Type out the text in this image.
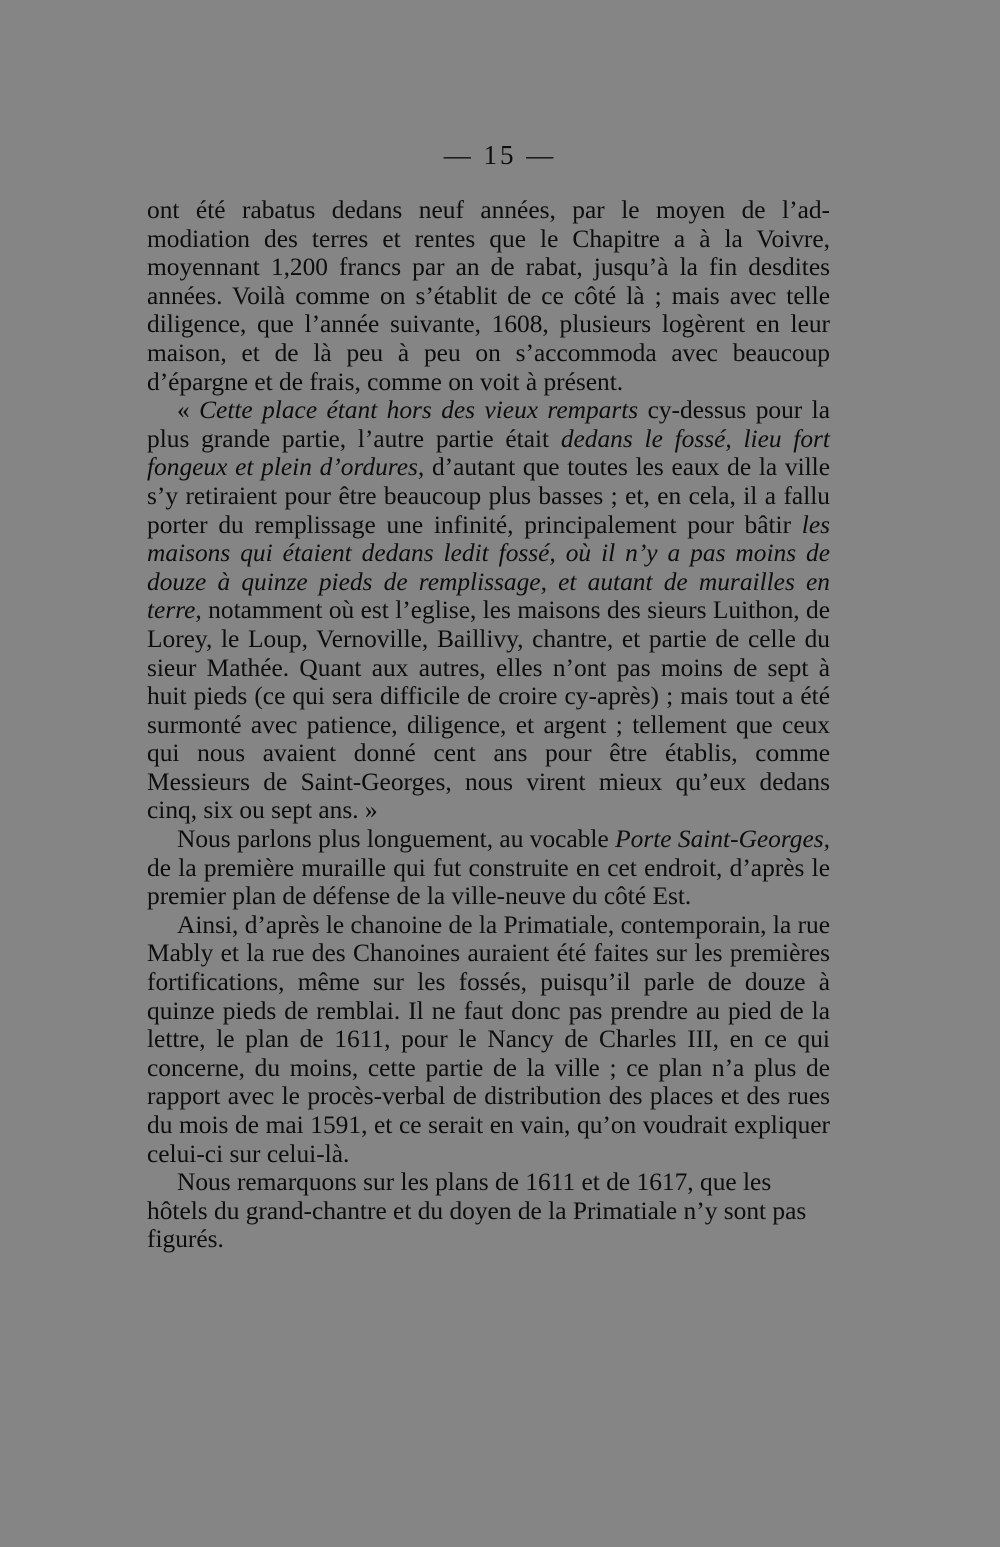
— 15 —

ont été rabatus dedans neuf années, par le moyen de l’ad-modiation des terres et rentes que le Chapitre a à la Voivre, moyennant 1,200 francs par an de rabat, jusqu’à la fin desdites années. Voilà comme on s’établit de ce côté là ; mais avec telle diligence, que l’année suivante, 1608, plusieurs logèrent en leur maison, et de là peu à peu on s’accommoda avec beaucoup d’épargne et de frais, comme on voit à présent.

« Cette place étant hors des vieux remparts cy-dessus pour la plus grande partie, l’autre partie était dedans le fossé, lieu fort fongeux et plein d’ordures, d’autant que toutes les eaux de la ville s’y retiraient pour être beaucoup plus basses ; et, en cela, il a fallu porter du remplissage une infinité, principalement pour bâtir les maisons qui étaient dedans ledit fossé, où il n’y a pas moins de douze à quinze pieds de remplissage, et autant de murailles en terre, notamment où est l’eglise, les maisons des sieurs Luithon, de Lorey, le Loup, Vernoville, Baillivy, chantre, et partie de celle du sieur Mathée. Quant aux autres, elles n’ont pas moins de sept à huit pieds (ce qui sera difficile de croire cy-après) ; mais tout a été surmonté avec patience, diligence, et argent ; tellement que ceux qui nous avaient donné cent ans pour être établis, comme Messieurs de Saint-Georges, nous virent mieux qu’eux dedans cinq, six ou sept ans. »

Nous parlons plus longuement, au vocable Porte Saint-Georges, de la première muraille qui fut construite en cet endroit, d’après le premier plan de défense de la ville-neuve du côté Est.

Ainsi, d’après le chanoine de la Primatiale, contemporain, la rue Mably et la rue des Chanoines auraient été faites sur les premières fortifications, même sur les fossés, puisqu’il parle de douze à quinze pieds de remblai. Il ne faut donc pas prendre au pied de la lettre, le plan de 1611, pour le Nancy de Charles III, en ce qui concerne, du moins, cette partie de la ville ; ce plan n’a plus de rapport avec le procès-verbal de distribution des places et des rues du mois de mai 1591, et ce serait en vain, qu’on voudrait expliquer celui-ci sur celui-là.

Nous remarquons sur les plans de 1611 et de 1617, que les hôtels du grand-chantre et du doyen de la Primatiale n’y sont pas figurés.
